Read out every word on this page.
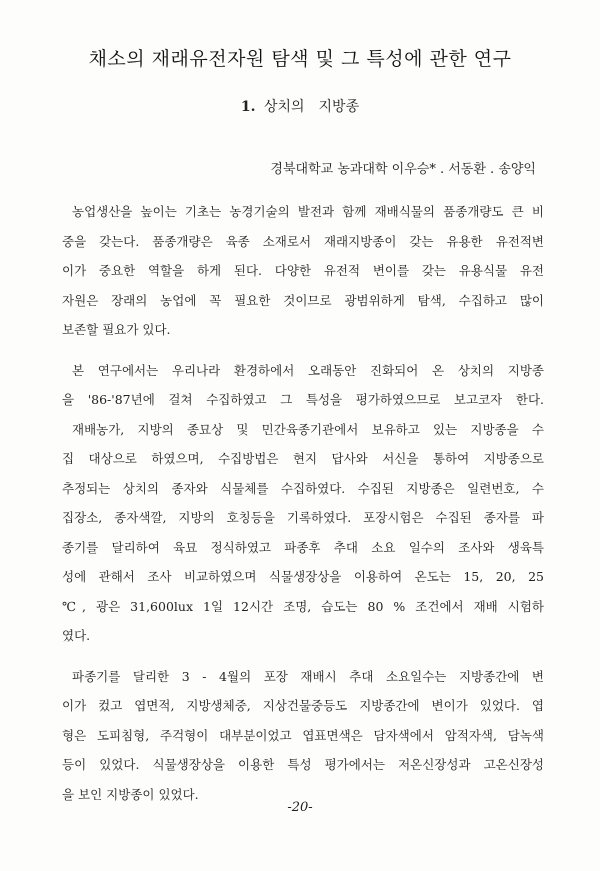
채소의 재래유전자원 탐색 및 그 특성에 관한 연구
1. 상치의 지방종
경북대학교 농과대학 이우승* . 서동환 . 송양익
농업생산을 높이는 기초는 농경기술의 발전과 함께 재배식물의 품종개량도 큰 비
중을 갖는다. 품종개량은 육종 소재로서 재래지방종이 갖는 유용한 유전적변
이가 중요한 역할을 하게 된다. 다양한 유전적 변이를 갖는 유용식물 유전
자원은 장래의 농업에 꼭 필요한 것이므로 광범위하게 탐색, 수집하고 많이
보존할 필요가 있다.
본 연구에서는 우리나라 환경하에서 오래동안 진화되어 온 상치의 지방종
을 '86-'87년에 걸쳐 수집하였고 그 특성을 평가하였으므로 보고코자 한다.
재배농가, 지방의 종묘상 및 민간육종기관에서 보유하고 있는 지방종을 수
집 대상으로 하였으며, 수집방법은 현지 답사와 서신을 통하여 지방종으로
추정되는 상치의 종자와 식물체를 수집하였다. 수집된 지방종은 일련번호, 수
집장소, 종자색깔, 지방의 호칭등을 기록하였다. 포장시험은 수집된 종자를 파
종기를 달리하여 육묘 정식하였고 파종후 추대 소요 일수의 조사와 생육특
성에 관해서 조사 비교하였으며 식물생장상을 이용하여 온도는 15, 20, 25
℃, 광은 31,600lux 1일 12시간 조명, 습도는 80 % 조건에서 재배 시험하
였다.
파종기를 달리한 3 - 4월의 포장 재배시 추대 소요일수는 지방종간에 변
이가 컸고 엽면적, 지방생체중, 지상건물중등도 지방종간에 변이가 있었다. 엽
형은 도피침형, 주걱형이 대부분이었고 엽표면색은 담자색에서 암적자색, 담녹색
등이 있었다. 식물생장상을 이용한 특성 평가에서는 저온신장성과 고온신장성
을 보인 지방종이 있었다.
-20-
